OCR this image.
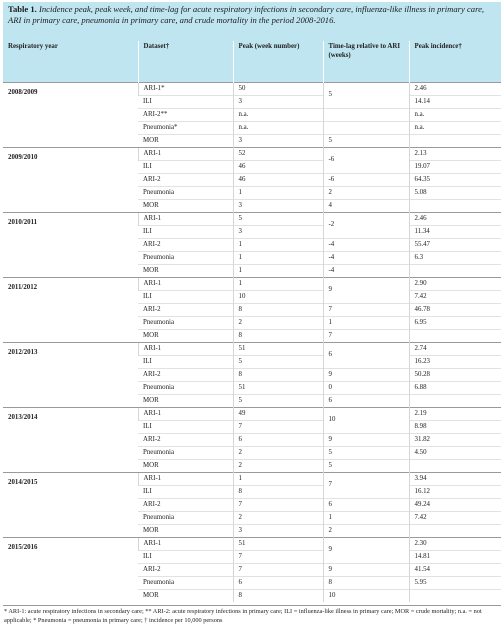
Table 1. Incidence peak, peak week, and time-lag for acute respiratory infections in secondary care, influenza-like illness in primary care, ARI in primary care, pneumonia in primary care, and crude mortality in the period 2008-2016.
Respiratory year	Dataset†	Peak (week number)	Time-lag relative to ARI (weeks)	Peak incidence†
2008/2009	ARI-1*	50	5	2.46
	ILI	3		14.14
	ARI-2**	n.a.		n.a.
	Pneumonia*	n.a.		n.a.
	MOR	3	5	
2009/2010	ARI-1	52	-6	2.13
	ILI	46		19.07
	ARI-2	46	-6	64.35
	Pneumonia	1	2	5.08
	MOR	3	4	
2010/2011	ARI-1	5	-2	2.46
	ILI	3		11.34
	ARI-2	1	-4	55.47
	Pneumonia	1	-4	6.3
	MOR	1	-4	
2011/2012	ARI-1	1	9	2.90
	ILI	10		7.42
	ARI-2	8	7	46.78
	Pneumonia	2	1	6.95
	MOR	8	7	
2012/2013	ARI-1	51	6	2.74
	ILI	5		16.23
	ARI-2	8	9	50.28
	Pneumonia	51	0	6.88
	MOR	5	6	
2013/2014	ARI-1	49	10	2.19
	ILI	7		8.98
	ARI-2	6	9	31.82
	Pneumonia	2	5	4.50
	MOR	2	5	
2014/2015	ARI-1	1	7	3.94
	ILI	8		16.12
	ARI-2	7	6	49.24
	Pneumonia	2	1	7.42
	MOR	3	2	
2015/2016	ARI-1	51	9	2.30
	ILI	7		14.81
	ARI-2	7	9	41.54
	Pneumonia	6	8	5.95
	MOR	8	10	
* ARI-1: acute respiratory infections in secondary care; ** ARI-2: acute respiratory infections in primary care; ILI = influenza-like illness in primary care; MOR = crude mortality; n.a. = not applicable; * Pneumonia = pneumonia in primary care; † incidence per 10,000 persons
